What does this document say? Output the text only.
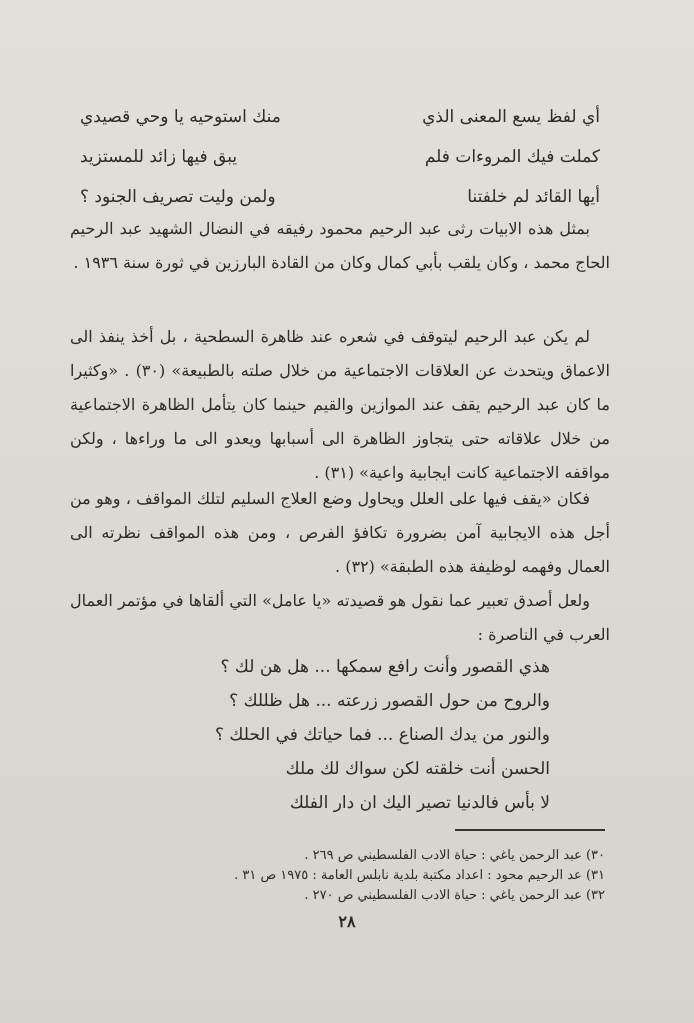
أي لفظ يسع المعنى الذي
منك استوحيه يا وحي قصيدي
كملت فيك المروءات فلم
يبق فيها زائد للمستزيد
أيها القائد لم خلفتنا
ولمن وليت تصريف الجنود ؟

بمثل هذه الابيات رثى عبد الرحيم محمود رفيقه في النضال الشهيد عبد الرحيم الحاج محمد ، وكان يلقب بأبي كمال وكان من القادة البارزين في ثورة سنة ١٩٣٦ .

لم يكن عبد الرحيم ليتوقف في شعره عند ظاهرة السطحية ، بل أخذ ينفذ الى الاعماق ويتحدث عن العلاقات الاجتماعية من خلال صلته بالطبيعة» (٣٠) . «وكثيرا ما كان عبد الرحيم يقف عند الموازين والقيم حينما كان يتأمل الظاهرة الاجتماعية من خلال علاقاته حتى يتجاوز الظاهرة الى أسبابها ويعدو الى ما وراءها ، ولكن مواقفه الاجتماعية كانت ايجابية واعية» (٣١) .

فكان «يقف فيها على العلل ويحاول وضع العلاج السليم لتلك المواقف ، وهو من أجل هذه الايجابية آمن بضرورة تكافؤ الفرص ، ومن هذه المواقف نظرته الى العمال وفهمه لوظيفة هذه الطبقة» (٣٢) .

ولعل أصدق تعبير عما نقول هو قصيدته «يا عامل» التي ألقاها في مؤتمر العمال العرب في الناصرة :

هذي القصور وأنت رافع سمكها ... هل هن لك ؟
والروح من حول القصور زرعته ... هل ظللك ؟
والنور من يدك الصناع ... فما حياتك في الحلك ؟
الحسن أنت خلقته لكن سواك لك ملك
لا بأس فالدنيا تصير اليك ان دار الفلك
٣٠) عبد الرحمن ياغي : حياة الادب الفلسطيني ص ٢٦٩ .
٣١) عد الرحيم محود : اعداد مكتبة بلدية نابلس العامة : ١٩٧٥ ص ٣١ .
٣٢) عبد الرحمن ياغي : حياة الادب الفلسطيني ص ٢٧٠ .
٢٨
